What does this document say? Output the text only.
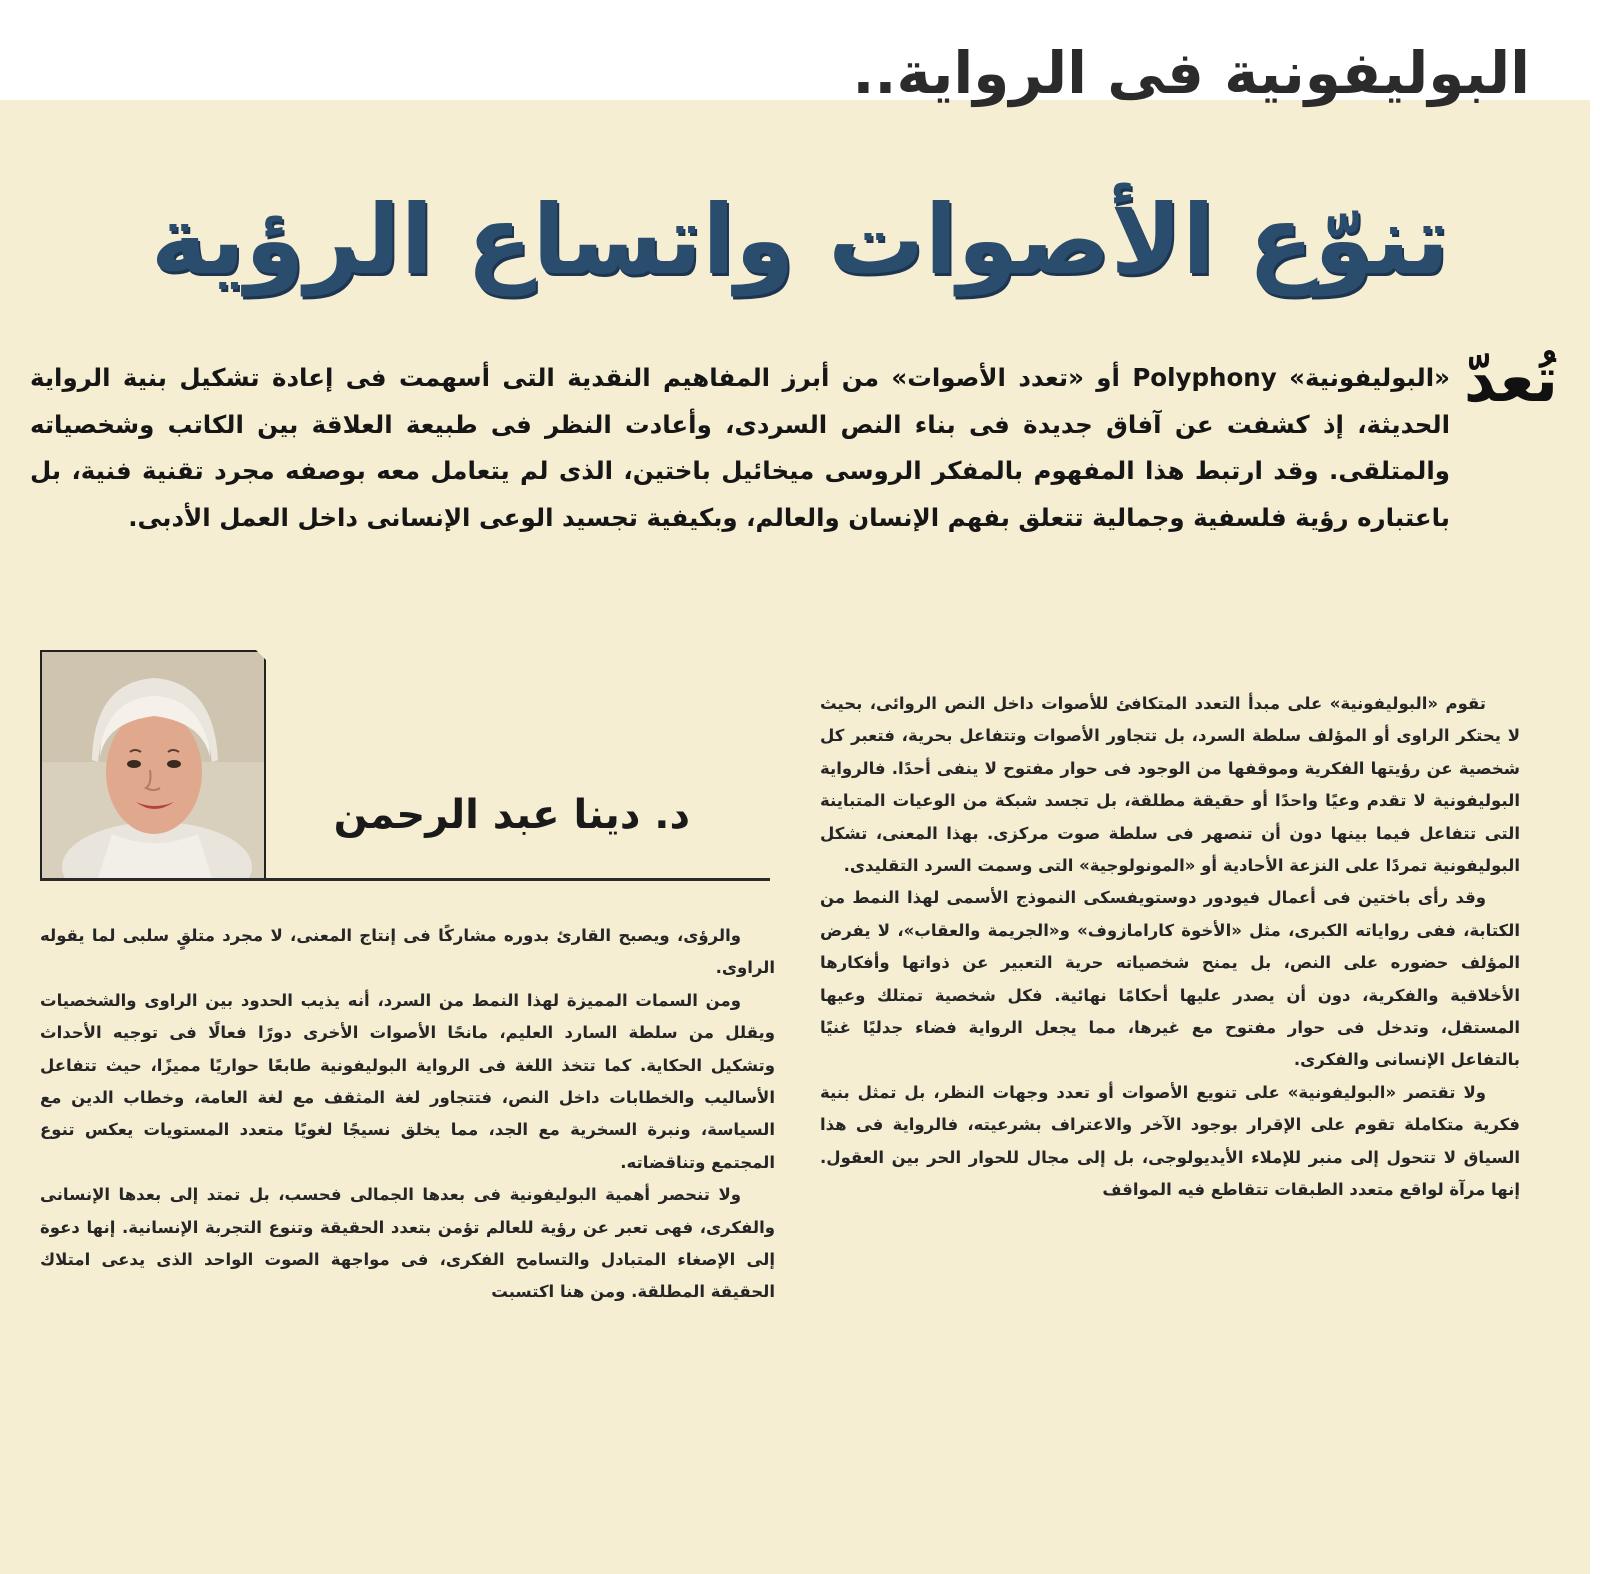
البوليفونية فى الرواية..
تنوّع الأصوات واتساع الرؤية
تُعدّ
«البوليفونية» Polyphony أو «تعدد الأصوات» من أبرز المفاهيم النقدية التى أسهمت فى إعادة تشكيل بنية الرواية الحديثة، إذ كشفت عن آفاق جديدة فى بناء النص السردى، وأعادت النظر فى طبيعة العلاقة بين الكاتب وشخصياته والمتلقى. وقد ارتبط هذا المفهوم بالمفكر الروسى ميخائيل باختين، الذى لم يتعامل معه بوصفه مجرد تقنية فنية، بل باعتباره رؤية فلسفية وجمالية تتعلق بفهم الإنسان والعالم، وبكيفية تجسيد الوعى الإنسانى داخل العمل الأدبى.
د. دينا عبد الرحمن

تقوم «البوليفونية» على مبدأ التعدد المتكافئ للأصوات داخل النص الروائى، بحيث لا يحتكر الراوى أو المؤلف سلطة السرد، بل تتجاور الأصوات وتتفاعل بحرية، فتعبر كل شخصية عن رؤيتها الفكرية وموقفها من الوجود فى حوار مفتوح لا ينفى أحدًا. فالرواية البوليفونية لا تقدم وعيًا واحدًا أو حقيقة مطلقة، بل تجسد شبكة من الوعيات المتباينة التى تتفاعل فيما بينها دون أن تنصهر فى سلطة صوت مركزى. بهذا المعنى، تشكل البوليفونية تمردًا على النزعة الأحادية أو «المونولوجية» التى وسمت السرد التقليدى.

وقد رأى باختين فى أعمال فيودور دوستويفسكى النموذج الأسمى لهذا النمط من الكتابة، ففى رواياته الكبرى، مثل «الأخوة كارامازوف» و«الجريمة والعقاب»، لا يفرض المؤلف حضوره على النص، بل يمنح شخصياته حرية التعبير عن ذواتها وأفكارها الأخلاقية والفكرية، دون أن يصدر عليها أحكامًا نهائية. فكل شخصية تمتلك وعيها المستقل، وتدخل فى حوار مفتوح مع غيرها، مما يجعل الرواية فضاء جدليًا غنيًا بالتفاعل الإنسانى والفكرى.

ولا تقتصر «البوليفونية» على تنويع الأصوات أو تعدد وجهات النظر، بل تمثل بنية فكرية متكاملة تقوم على الإقرار بوجود الآخر والاعتراف بشرعيته، فالرواية فى هذا السياق لا تتحول إلى منبر للإملاء الأيديولوجى، بل إلى مجال للحوار الحر بين العقول. إنها مرآة لواقع متعدد الطبقات تتقاطع فيه المواقف

والرؤى، ويصبح القارئ بدوره مشاركًا فى إنتاج المعنى، لا مجرد متلقٍ سلبى لما يقوله الراوى.

ومن السمات المميزة لهذا النمط من السرد، أنه يذيب الحدود بين الراوى والشخصيات ويقلل من سلطة السارد العليم، مانحًا الأصوات الأخرى دورًا فعالًا فى توجيه الأحداث وتشكيل الحكاية. كما تتخذ اللغة فى الرواية البوليفونية طابعًا حواريًا مميزًا، حيث تتفاعل الأساليب والخطابات داخل النص، فتتجاور لغة المثقف مع لغة العامة، وخطاب الدين مع السياسة، ونبرة السخرية مع الجد، مما يخلق نسيجًا لغويًا متعدد المستويات يعكس تنوع المجتمع وتناقضاته.

ولا تنحصر أهمية البوليفونية فى بعدها الجمالى فحسب، بل تمتد إلى بعدها الإنسانى والفكرى، فهى تعبر عن رؤية للعالم تؤمن بتعدد الحقيقة وتنوع التجربة الإنسانية. إنها دعوة إلى الإصغاء المتبادل والتسامح الفكرى، فى مواجهة الصوت الواحد الذى يدعى امتلاك الحقيقة المطلقة. ومن هنا اكتسبت
